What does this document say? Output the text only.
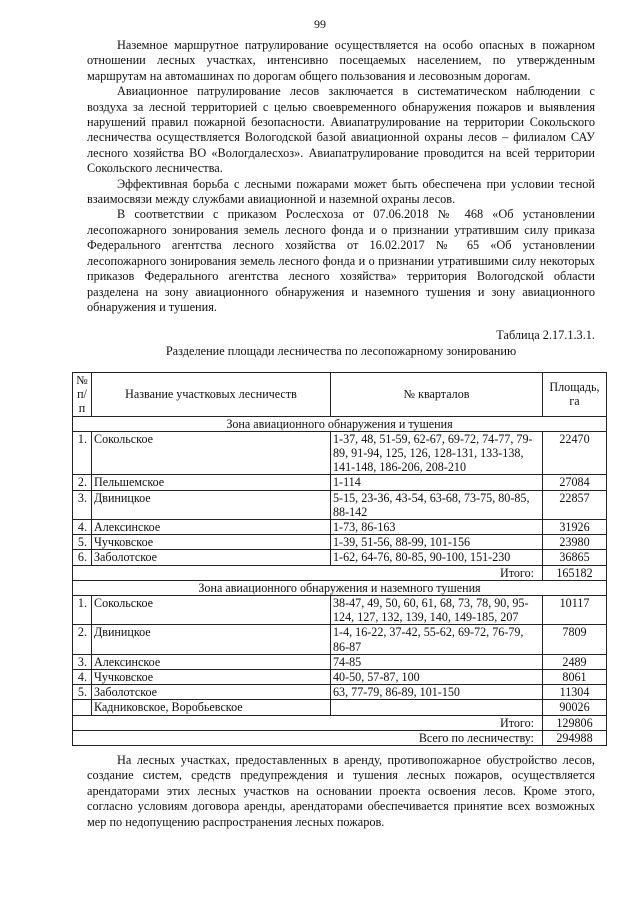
99

Наземное маршрутное патрулирование осуществляется на особо опасных в пожарном отношении лесных участках, интенсивно посещаемых населением, по утвержденным маршрутам на автомашинах по дорогам общего пользования и лесовозным дорогам.

Авиационное патрулирование лесов заключается в систематическом наблюдении с воздуха за лесной территорией с целью своевременного обнаружения пожаров и выявления нарушений правил пожарной безопасности. Авиапатрулирование на территории Сокольского лесничества осуществляется Вологодской базой авиационной охраны лесов – филиалом САУ лесного хозяйства ВО «Вологдалесхоз». Авиапатрулирование проводится на всей территории Сокольского лесничества.

Эффективная борьба с лесными пожарами может быть обеспечена при условии тесной взаимосвязи между службами авиационной и наземной охраны лесов.

В соответствии с приказом Рослесхоза от 07.06.2018 № 468 «Об установлении лесопожарного зонирования земель лесного фонда и о признании утратившим силу приказа Федерального агентства лесного хозяйства от 16.02.2017 № 65 «Об установлении лесопожарного зонирования земель лесного фонда и о признании утратившими силу некоторых приказов Федерального агентства лесного хозяйства» территория Вологодской области разделена на зону авиационного обнаружения и наземного тушения и зону авиационного обнаружения и тушения.

Таблица 2.17.1.3.1.
Разделение площади лесничества по лесопожарному зонированию
№ п/п	Название участковых лесничеств	№ кварталов	Площадь, га
Зона авиационного обнаружения и тушения			
1.	Сокольское	1-37, 48, 51-59, 62-67, 69-72, 74-77, 79-89, 91-94, 125, 126, 128-131, 133-138, 141-148, 186-206, 208-210	22470
2.	Пельшемское	1-114	27084
3.	Двиницкое	5-15, 23-36, 43-54, 63-68, 73-75, 80-85, 88-142	22857
4.	Алексинское	1-73, 86-163	31926
5.	Чучковское	1-39, 51-56, 88-99, 101-156	23980
6.	Заболотское	1-62, 64-76, 80-85, 90-100, 151-230	36865
Итого:			165182
Зона авиационного обнаружения и наземного тушения			
1.	Сокольское	38-47, 49, 50, 60, 61, 68, 73, 78, 90, 95- 124, 127, 132, 139, 140, 149-185, 207	10117
2.	Двиницкое	1-4, 16-22, 37-42, 55-62, 69-72, 76-79, 86-87	7809
3.	Алексинское	74-85	2489
4.	Чучковское	40-50, 57-87, 100	8061
5.	Заболотское	63, 77-79, 86-89, 101-150	11304
	Кадниковское, Воробьевское		90026
Итого:			129806
Всего по лесничеству:			294988

На лесных участках, предоставленных в аренду, противопожарное обустройство лесов, создание систем, средств предупреждения и тушения лесных пожаров, осуществляется арендаторами этих лесных участков на основании проекта освоения лесов. Кроме этого, согласно условиям договора аренды, арендаторами обеспечивается принятие всех возможных мер по недопущению распространения лесных пожаров.
